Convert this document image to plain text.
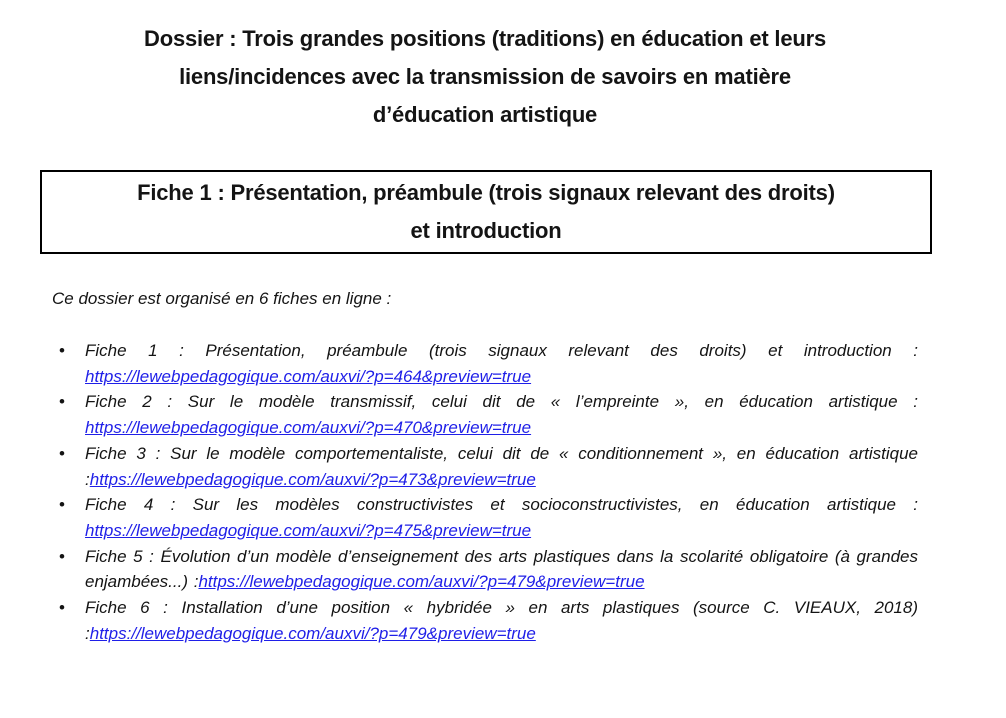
Dossier : Trois grandes positions (traditions) en éducation et leurs
liens/incidences avec la transmission de savoirs en matière
d’éducation artistique
Fiche 1 : Présentation, préambule (trois signaux relevant des droits)
et introduction

Ce dossier est organisé en 6 fiches en ligne :

• Fiche 1 : Présentation, préambule (trois signaux relevant des droits) et introduction : https://lewebpedagogique.com/auxvi/?p=464&preview=true
• Fiche 2 : Sur le modèle transmissif, celui dit de « l’empreinte », en éducation artistique : https://lewebpedagogique.com/auxvi/?p=470&preview=true
• Fiche 3 : Sur le modèle comportementaliste, celui dit de « conditionnement », en éducation artistique :https://lewebpedagogique.com/auxvi/?p=473&preview=true
• Fiche 4 : Sur les modèles constructivistes et socioconstructivistes, en éducation artistique : https://lewebpedagogique.com/auxvi/?p=475&preview=true
• Fiche 5 : Évolution d’un modèle d’enseignement des arts plastiques dans la scolarité obligatoire (à grandes enjambées...) :https://lewebpedagogique.com/auxvi/?p=479&preview=true
• Fiche 6 : Installation d’une position « hybridée » en arts plastiques (source C. VIEAUX, 2018) :https://lewebpedagogique.com/auxvi/?p=479&preview=true
